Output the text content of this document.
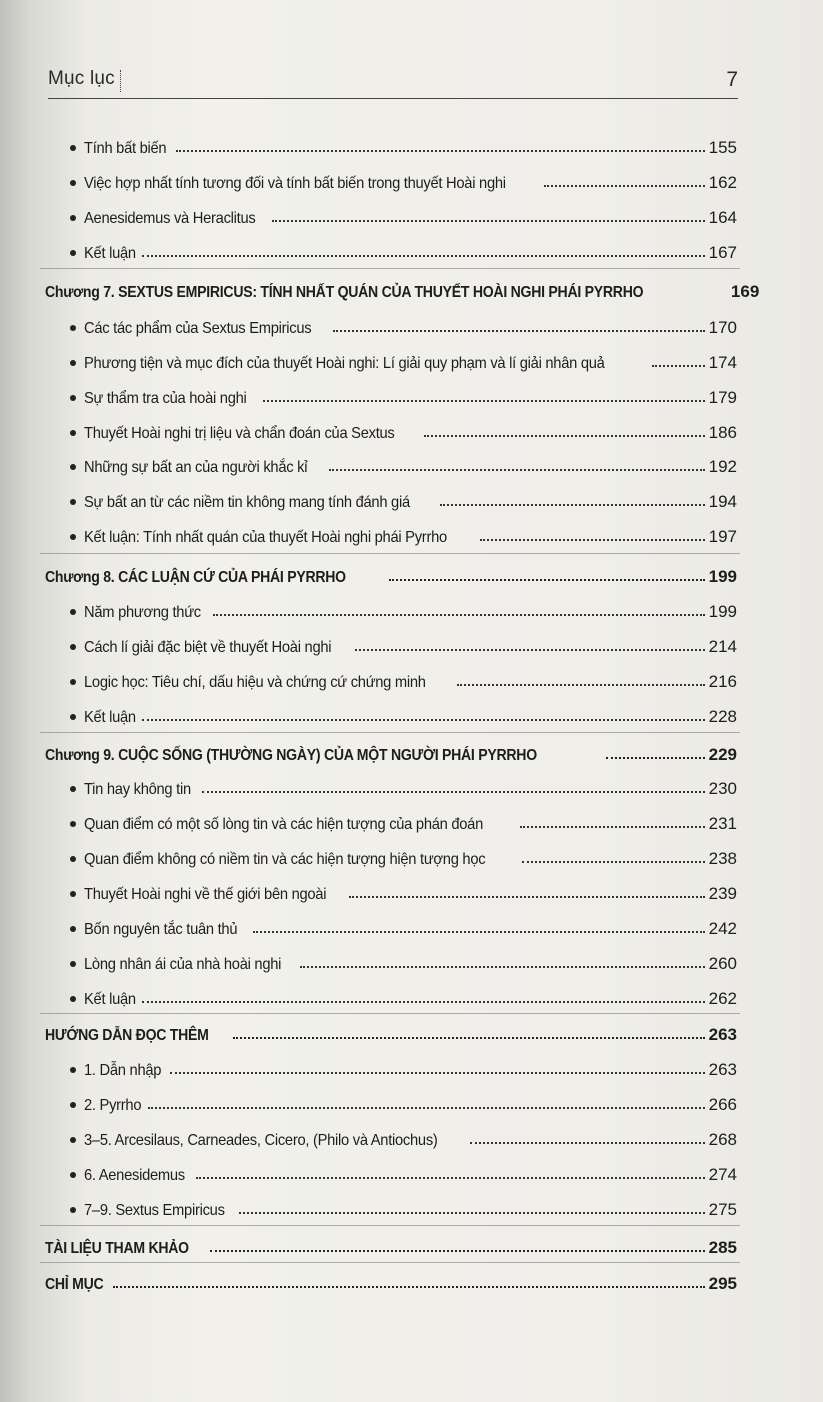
Mục lục	7
Tính bất biến	155
Việc hợp nhất tính tương đối và tính bất biến trong thuyết Hoài nghi	162
Aenesidemus và Heraclitus	164
Kết luận	167
Chương 7. SEXTUS EMPIRICUS: TÍNH NHẤT QUÁN CỦA THUYẾT HOÀI NGHI PHÁI PYRRHO	169
Các tác phẩm của Sextus Empiricus	170
Phương tiện và mục đích của thuyết Hoài nghi: Lí giải quy phạm và lí giải nhân quả	174
Sự thẩm tra của hoài nghi	179
Thuyết Hoài nghi trị liệu và chẩn đoán của Sextus	186
Những sự bất an của người khắc kỉ	192
Sự bất an từ các niềm tin không mang tính đánh giá	194
Kết luận: Tính nhất quán của thuyết Hoài nghi phái Pyrrho	197
Chương 8. CÁC LUẬN CỨ CỦA PHÁI PYRRHO	199
Năm phương thức	199
Cách lí giải đặc biệt về thuyết Hoài nghi	214
Logic học: Tiêu chí, dấu hiệu và chứng cứ chứng minh	216
Kết luận	228
Chương 9. CUỘC SỐNG (THƯỜNG NGÀY) CỦA MỘT NGƯỜI PHÁI PYRRHO	229
Tin hay không tin	230
Quan điểm có một số lòng tin và các hiện tượng của phán đoán	231
Quan điểm không có niềm tin và các hiện tượng hiện tượng học	238
Thuyết Hoài nghi về thế giới bên ngoài	239
Bốn nguyên tắc tuân thủ	242
Lòng nhân ái của nhà hoài nghi	260
Kết luận	262
HƯỚNG DẪN ĐỌC THÊM	263
1. Dẫn nhập	263
2. Pyrrho	266
3–5. Arcesilaus, Carneades, Cicero, (Philo và Antiochus)	268
6. Aenesidemus	274
7–9. Sextus Empiricus	275
TÀI LIỆU THAM KHẢO	285
CHỈ MỤC	295
